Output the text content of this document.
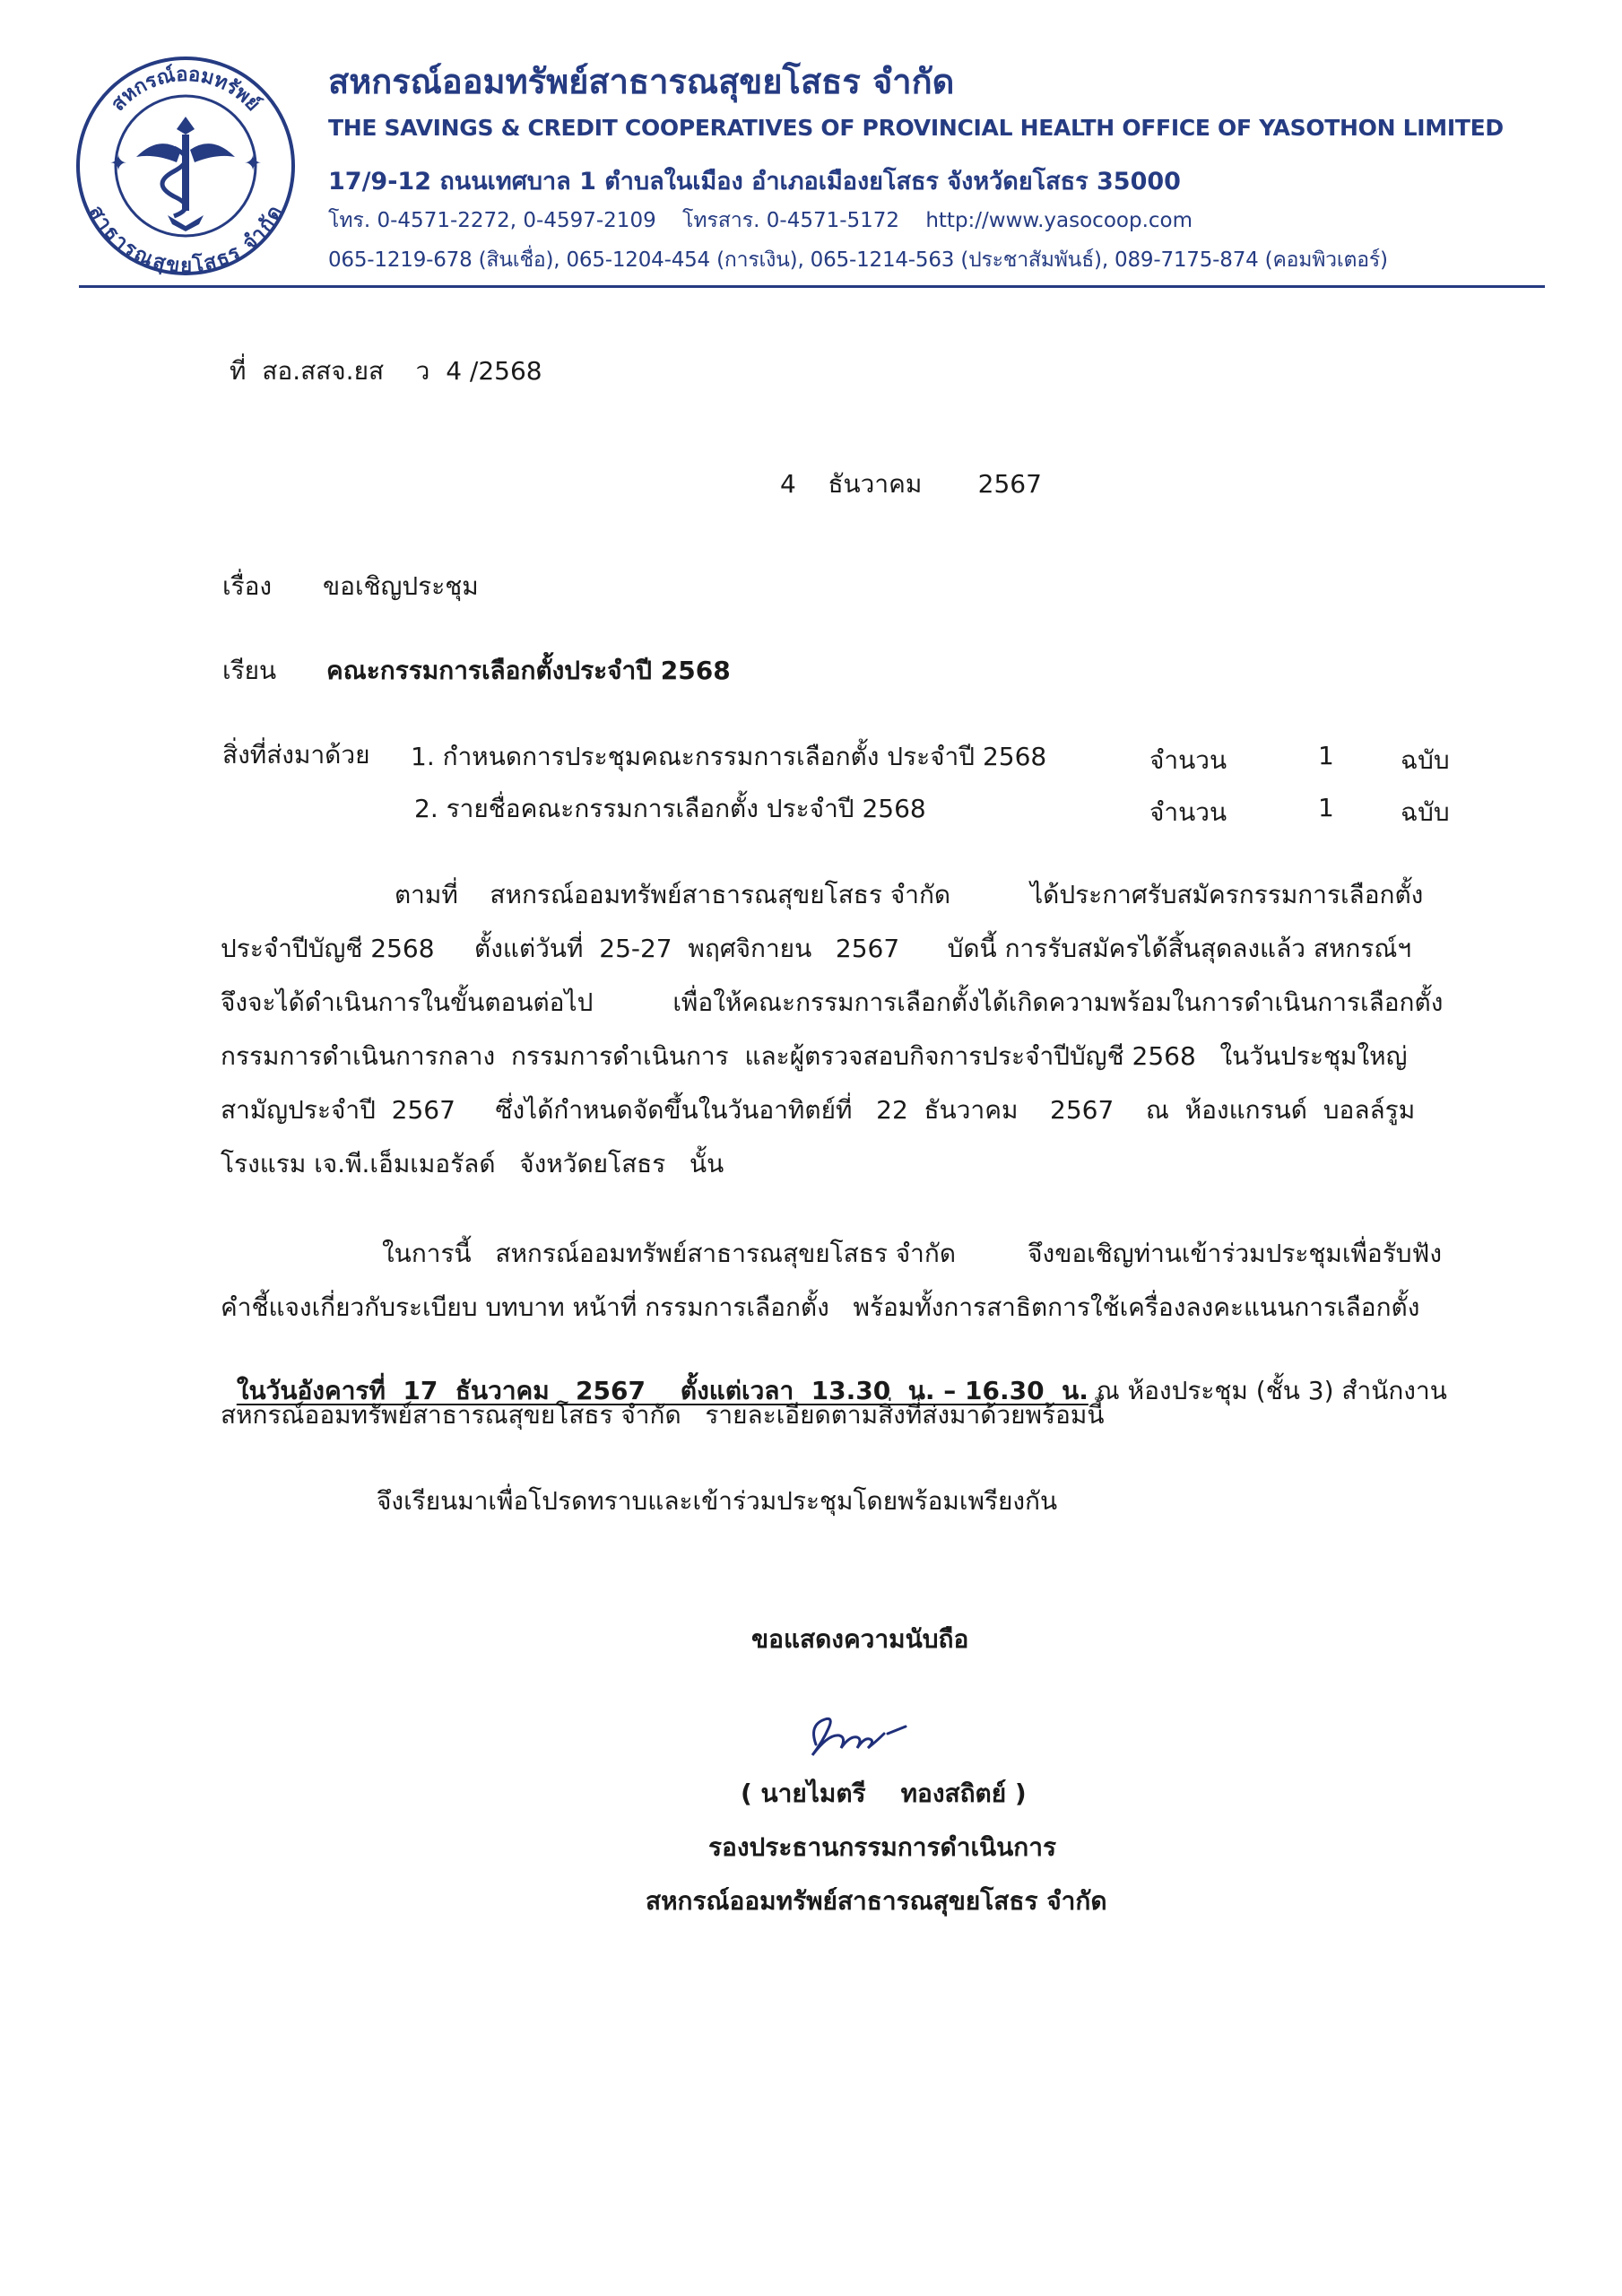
สหกรณ์ออมทรัพย์
สาธารณสุขยโสธร จำกัด
✦	✦
สหกรณ์ออมทรัพย์สาธารณสุขยโสธร จำกัด
THE SAVINGS & CREDIT COOPERATIVES OF PROVINCIAL HEALTH OFFICE OF YASOTHON LIMITED
17/9-12 ถนนเทศบาล 1 ตำบลในเมือง อำเภอเมืองยโสธร จังหวัดยโสธร 35000
โทร. 0-4571-2272, 0-4597-2109 โทรสาร. 0-4571-5172 http://www.yasocoop.com
065-1219-678 (สินเชื่อ), 065-1204-454 (การเงิน), 065-1214-563 (ประชาสัมพันธ์), 089-7175-874 (คอมพิวเตอร์)
ที่ สอ.สสจ.ยส    ว  4 /2568
4 ธันวาคม 2567
เรื่อง ขอเชิญประชุม
เรียน คณะกรรมการเลือกตั้งประจำปี 2568
สิ่งที่ส่งมาด้วย 1. กำหนดการประชุมคณะกรรมการเลือกตั้ง ประจำปี 2568	จำนวน	1	ฉบับ
2. รายชื่อคณะกรรมการเลือกตั้ง ประจำปี 2568	จำนวน	1	ฉบับ
ตามที่    สหกรณ์ออมทรัพย์สาธารณสุขยโสธร จำกัด          ได้ประกาศรับสมัครกรรมการเลือกตั้ง
ประจำปีบัญชี 2568     ตั้งแต่วันที่  25-27  พฤศจิกายน   2567      บัดนี้ การรับสมัครได้สิ้นสุดลงแล้ว สหกรณ์ฯ
จึงจะได้ดำเนินการในขั้นตอนต่อไป          เพื่อให้คณะกรรมการเลือกตั้งได้เกิดความพร้อมในการดำเนินการเลือกตั้ง
กรรมการดำเนินการกลาง  กรรมการดำเนินการ  และผู้ตรวจสอบกิจการประจำปีบัญชี 2568   ในวันประชุมใหญ่
สามัญประจำปี  2567     ซึ่งได้กำหนดจัดขึ้นในวันอาทิตย์ที่   22  ธันวาคม    2567    ณ  ห้องแกรนด์  บอลล์รูม
โรงแรม เจ.พี.เอ็มเมอรัลด์   จังหวัดยโสธร   นั้น
ในการนี้   สหกรณ์ออมทรัพย์สาธารณสุขยโสธร จำกัด         จึงขอเชิญท่านเข้าร่วมประชุมเพื่อรับฟัง
คำชี้แจงเกี่ยวกับระเบียบ บทบาท หน้าที่ กรรมการเลือกตั้ง   พร้อมทั้งการสาธิตการใช้เครื่องลงคะแนนการเลือกตั้ง

ในวันอังคารที่  17  ธันวาคม   2567    ตั้งแต่เวลา  13.30  น. – 16.30  น. ณ ห้องประชุม (ชั้น 3) สำนักงาน

สหกรณ์ออมทรัพย์สาธารณสุขยโสธร จำกัด   รายละเอียดตามสิ่งที่ส่งมาด้วยพร้อมนี้
จึงเรียนมาเพื่อโปรดทราบและเข้าร่วมประชุมโดยพร้อมเพรียงกัน
ขอแสดงความนับถือ
( นายไมตรี    ทองสถิตย์ )
รองประธานกรรมการดำเนินการ
สหกรณ์ออมทรัพย์สาธารณสุขยโสธร จำกัด
